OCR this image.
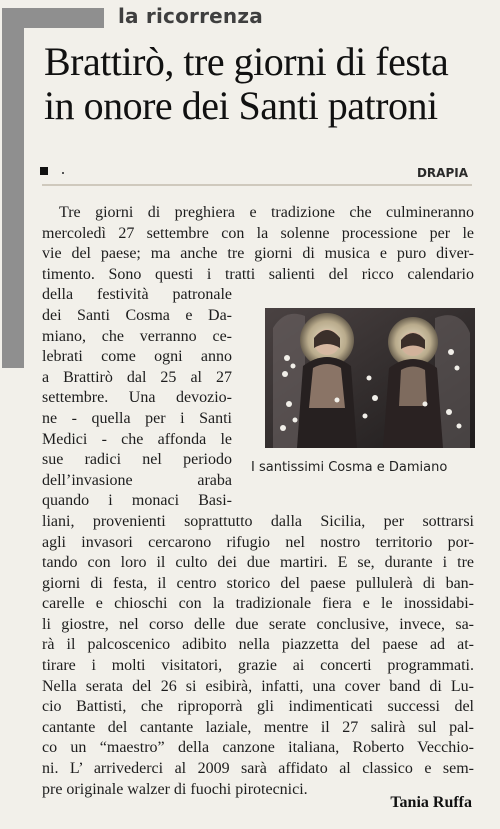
la ricorrenza
Brattirò, tre giorni di festa
in onore dei Santi patroni
DRAPIA
Tre giorni di preghiera e tradizione che culmineranno
mercoledì 27 settembre con la solenne processione per le
vie del paese; ma anche tre giorni di musica e puro diver-
timento. Sono questi i tratti salienti del ricco calendario
della festività patronale
dei Santi Cosma e Da-
miano, che verranno ce-
lebrati come ogni anno
a Brattirò dal 25 al 27
settembre. Una devozio-
ne - quella per i Santi
Medici - che affonda le
sue radici nel periodo
dell’invasione araba
quando i monaci Basi-
liani, provenienti soprattutto dalla Sicilia, per sottrarsi
agli invasori cercarono rifugio nel nostro territorio por-
tando con loro il culto dei due martiri. E se, durante i tre
giorni di festa, il centro storico del paese pullulerà di ban-
carelle e chioschi con la tradizionale fiera e le inossidabi-
li giostre, nel corso delle due serate conclusive, invece, sa-
rà il palcoscenico adibito nella piazzetta del paese ad at-
tirare i molti visitatori, grazie ai concerti programmati.
Nella serata del 26 si esibirà, infatti, una cover band di Lu-
cio Battisti, che riproporrà gli indimenticati successi del
cantante del cantante laziale, mentre il 27 salirà sul pal-
co un “maestro” della canzone italiana, Roberto Vecchio-
ni. L’ arrivederci al 2009 sarà affidato al classico e sem-
pre originale walzer di fuochi pirotecnici.
I santissimi Cosma e Damiano
Tania Ruffa
